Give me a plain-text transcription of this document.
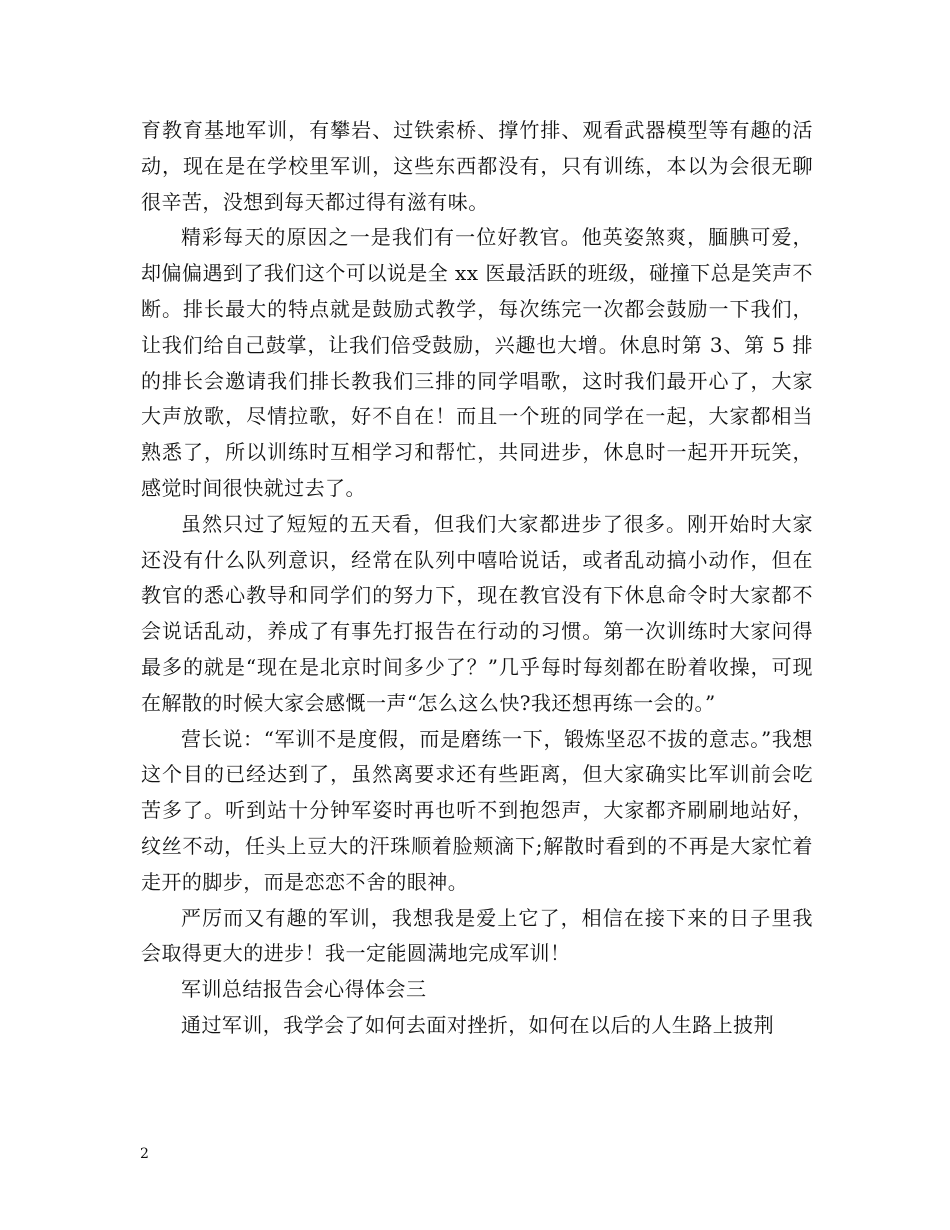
育教育基地军训，有攀岩、过铁索桥、撑竹排、观看武器模型等有趣的活动，现在是在学校里军训，这些东西都没有，只有训练，本以为会很无聊很辛苦，没想到每天都过得有滋有味。

精彩每天的原因之一是我们有一位好教官。他英姿煞爽，腼腆可爱，却偏偏遇到了我们这个可以说是全 xx 医最活跃的班级，碰撞下总是笑声不断。排长最大的特点就是鼓励式教学，每次练完一次都会鼓励一下我们，让我们给自己鼓掌，让我们倍受鼓励，兴趣也大增。休息时第 3、第 5 排的排长会邀请我们排长教我们三排的同学唱歌，这时我们最开心了，大家大声放歌，尽情拉歌，好不自在！而且一个班的同学在一起，大家都相当熟悉了，所以训练时互相学习和帮忙，共同进步，休息时一起开开玩笑，感觉时间很快就过去了。

虽然只过了短短的五天看，但我们大家都进步了很多。刚开始时大家还没有什么队列意识，经常在队列中嘻哈说话，或者乱动搞小动作，但在教官的悉心教导和同学们的努力下，现在教官没有下休息命令时大家都不会说话乱动，养成了有事先打报告在行动的习惯。第一次训练时大家问得最多的就是“现在是北京时间多少了？”几乎每时每刻都在盼着收操，可现在解散的时候大家会感慨一声“怎么这么快?我还想再练一会的。”

营长说：“军训不是度假，而是磨练一下，锻炼坚忍不拔的意志。”我想这个目的已经达到了，虽然离要求还有些距离，但大家确实比军训前会吃苦多了。听到站十分钟军姿时再也听不到抱怨声，大家都齐刷刷地站好，纹丝不动，任头上豆大的汗珠顺着脸颊滴下;解散时看到的不再是大家忙着走开的脚步，而是恋恋不舍的眼神。

严厉而又有趣的军训，我想我是爱上它了，相信在接下来的日子里我会取得更大的进步！我一定能圆满地完成军训！

军训总结报告会心得体会三

通过军训，我学会了如何去面对挫折，如何在以后的人生路上披荆

2
